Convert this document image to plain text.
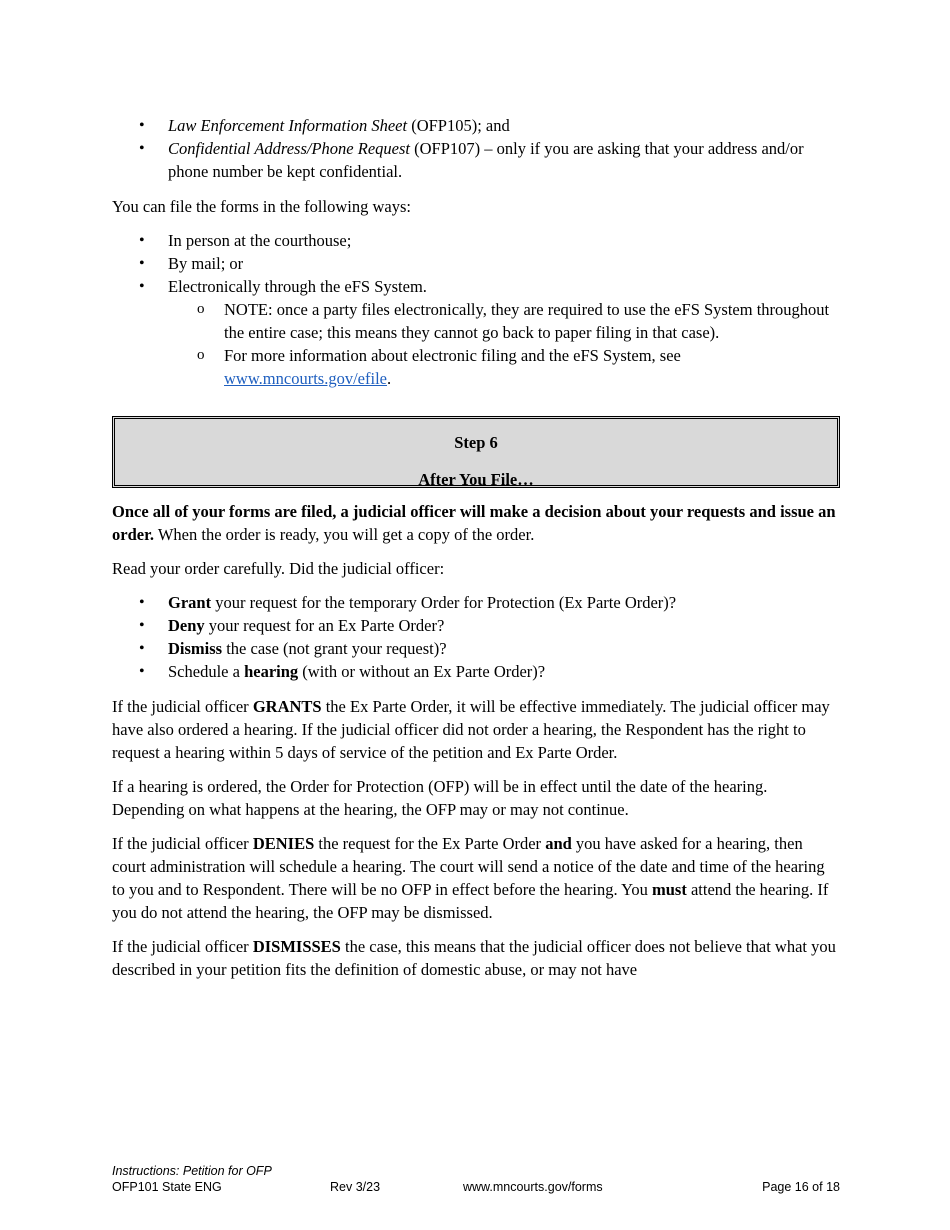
• Law Enforcement Information Sheet (OFP105); and
• Confidential Address/Phone Request (OFP107) – only if you are asking that your address and/or phone number be kept confidential.

You can file the forms in the following ways:

• In person at the courthouse;
• By mail; or
• Electronically through the eFS System.
o NOTE: once a party files electronically, they are required to use the eFS System throughout the entire case; this means they cannot go back to paper filing in that case).
o For more information about electronic filing and the eFS System, see www.mncourts.gov/efile.
Step 6
After You File…

Once all of your forms are filed, a judicial officer will make a decision about your requests and issue an order. When the order is ready, you will get a copy of the order.

Read your order carefully. Did the judicial officer:

• Grant your request for the temporary Order for Protection (Ex Parte Order)?
• Deny your request for an Ex Parte Order?
• Dismiss the case (not grant your request)?
• Schedule a hearing (with or without an Ex Parte Order)?

If the judicial officer GRANTS the Ex Parte Order, it will be effective immediately. The judicial officer may have also ordered a hearing. If the judicial officer did not order a hearing, the Respondent has the right to request a hearing within 5 days of service of the petition and Ex Parte Order.

If a hearing is ordered, the Order for Protection (OFP) will be in effect until the date of the hearing. Depending on what happens at the hearing, the OFP may or may not continue.

If the judicial officer DENIES the request for the Ex Parte Order and you have asked for a hearing, then court administration will schedule a hearing. The court will send a notice of the date and time of the hearing to you and to Respondent. There will be no OFP in effect before the hearing. You must attend the hearing. If you do not attend the hearing, the OFP may be dismissed.

If the judicial officer DISMISSES the case, this means that the judicial officer does not believe that what you described in your petition fits the definition of domestic abuse, or may not have

Instructions: Petition for OFP
OFP101 State ENG	Rev 3/23	www.mncourts.gov/forms	Page 16 of 18
